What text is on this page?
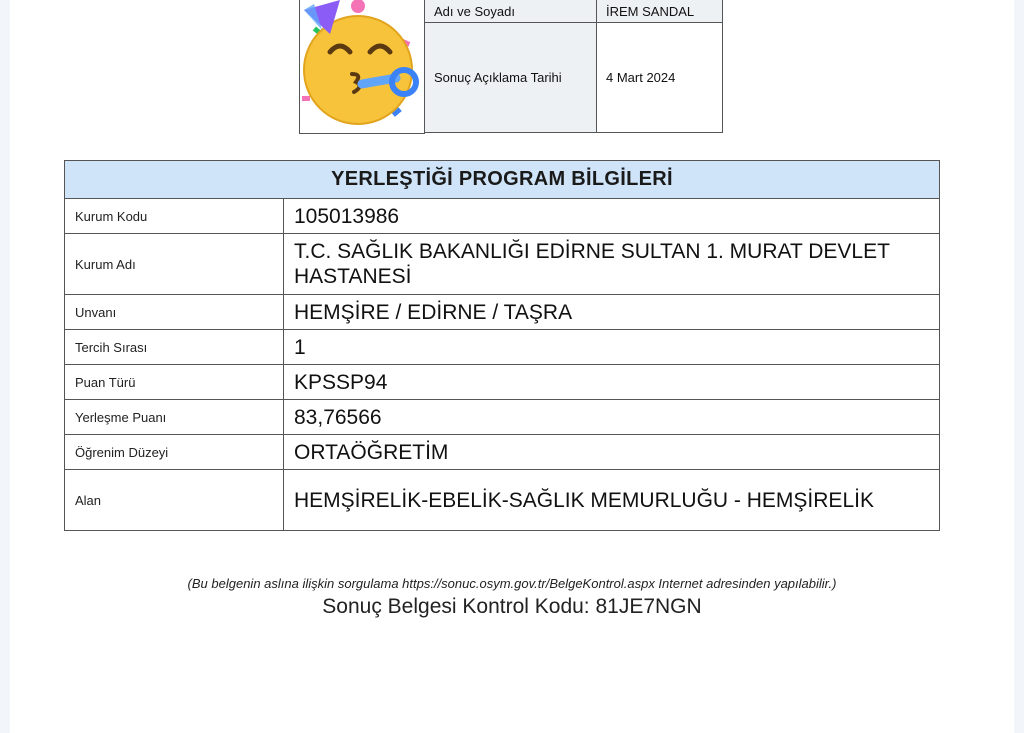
Adı ve Soyadı	İREM SANDAL
Sonuç Açıklama Tarihi	4 Mart 2024
YERLEŞTİĞİ PROGRAM BİLGİLERİ	
Kurum Kodu	105013986
Kurum Adı	T.C. SAĞLIK BAKANLIĞI EDİRNE SULTAN 1. MURAT DEVLET HASTANESİ
Unvanı	HEMŞİRE / EDİRNE / TAŞRA
Tercih Sırası	1
Puan Türü	KPSSP94
Yerleşme Puanı	83,76566
Öğrenim Düzeyi	ORTAÖĞRETİM
Alan	HEMŞİRELİK-EBELİK-SAĞLIK MEMURLUĞU - HEMŞİRELİK
(Bu belgenin aslına ilişkin sorgulama https://sonuc.osym.gov.tr/BelgeKontrol.aspx Internet adresinden yapılabilir.)
Sonuç Belgesi Kontrol Kodu: 81JE7NGN
